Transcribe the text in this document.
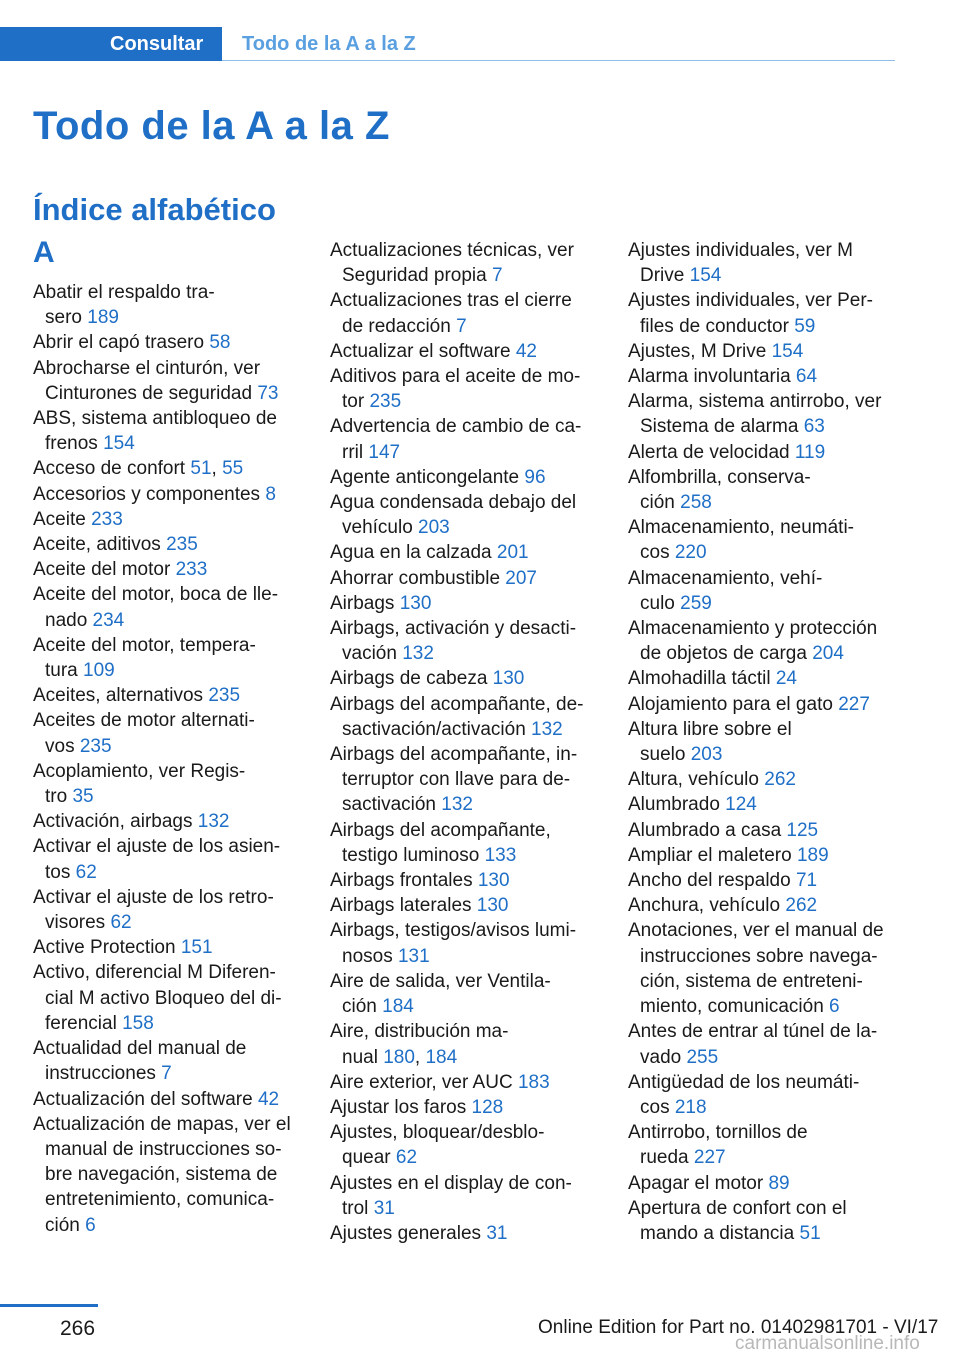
Consultar	Todo de la A a la Z
Todo de la A a la Z
Índice alfabético
A
Abatir el respaldo tra-
sero 189
Abrir el capó trasero 58
Abrocharse el cinturón, ver
Cinturones de seguridad 73
ABS, sistema antibloqueo de
frenos 154
Acceso de confort 51, 55
Accesorios y componentes 8
Aceite 233
Aceite, aditivos 235
Aceite del motor 233
Aceite del motor, boca de lle-
nado 234
Aceite del motor, tempera-
tura 109
Aceites, alternativos 235
Aceites de motor alternati-
vos 235
Acoplamiento, ver Regis-
tro 35
Activación, airbags 132
Activar el ajuste de los asien-
tos 62
Activar el ajuste de los retro-
visores 62
Active Protection 151
Activo, diferencial M Diferen-
cial M activo Bloqueo del di-
ferencial 158
Actualidad del manual de
instrucciones 7
Actualización del software 42
Actualización de mapas, ver el
manual de instrucciones so-
bre navegación, sistema de
entretenimiento, comunica-
ción 6
Actualizaciones técnicas, ver
Seguridad propia 7
Actualizaciones tras el cierre
de redacción 7
Actualizar el software 42
Aditivos para el aceite de mo-
tor 235
Advertencia de cambio de ca-
rril 147
Agente anticongelante 96
Agua condensada debajo del
vehículo 203
Agua en la calzada 201
Ahorrar combustible 207
Airbags 130
Airbags, activación y desacti-
vación 132
Airbags de cabeza 130
Airbags del acompañante, de-
sactivación/activación 132
Airbags del acompañante, in-
terruptor con llave para de-
sactivación 132
Airbags del acompañante,
testigo luminoso 133
Airbags frontales 130
Airbags laterales 130
Airbags, testigos/avisos lumi-
nosos 131
Aire de salida, ver Ventila-
ción 184
Aire, distribución ma-
nual 180, 184
Aire exterior, ver AUC 183
Ajustar los faros 128
Ajustes, bloquear/desblo-
quear 62
Ajustes en el display de con-
trol 31
Ajustes generales 31
Ajustes individuales, ver M
Drive 154
Ajustes individuales, ver Per-
files de conductor 59
Ajustes, M Drive 154
Alarma involuntaria 64
Alarma, sistema antirrobo, ver
Sistema de alarma 63
Alerta de velocidad 119
Alfombrilla, conserva-
ción 258
Almacenamiento, neumáti-
cos 220
Almacenamiento, vehí-
culo 259
Almacenamiento y protección
de objetos de carga 204
Almohadilla táctil 24
Alojamiento para el gato 227
Altura libre sobre el
suelo 203
Altura, vehículo 262
Alumbrado 124
Alumbrado a casa 125
Ampliar el maletero 189
Ancho del respaldo 71
Anchura, vehículo 262
Anotaciones, ver el manual de
instrucciones sobre navega-
ción, sistema de entreteni-
miento, comunicación 6
Antes de entrar al túnel de la-
vado 255
Antigüedad de los neumáti-
cos 218
Antirrobo, tornillos de
rueda 227
Apagar el motor 89
Apertura de confort con el
mando a distancia 51
266	Online Edition for Part no. 01402981701 - VI/17
carmanualsonline.info
